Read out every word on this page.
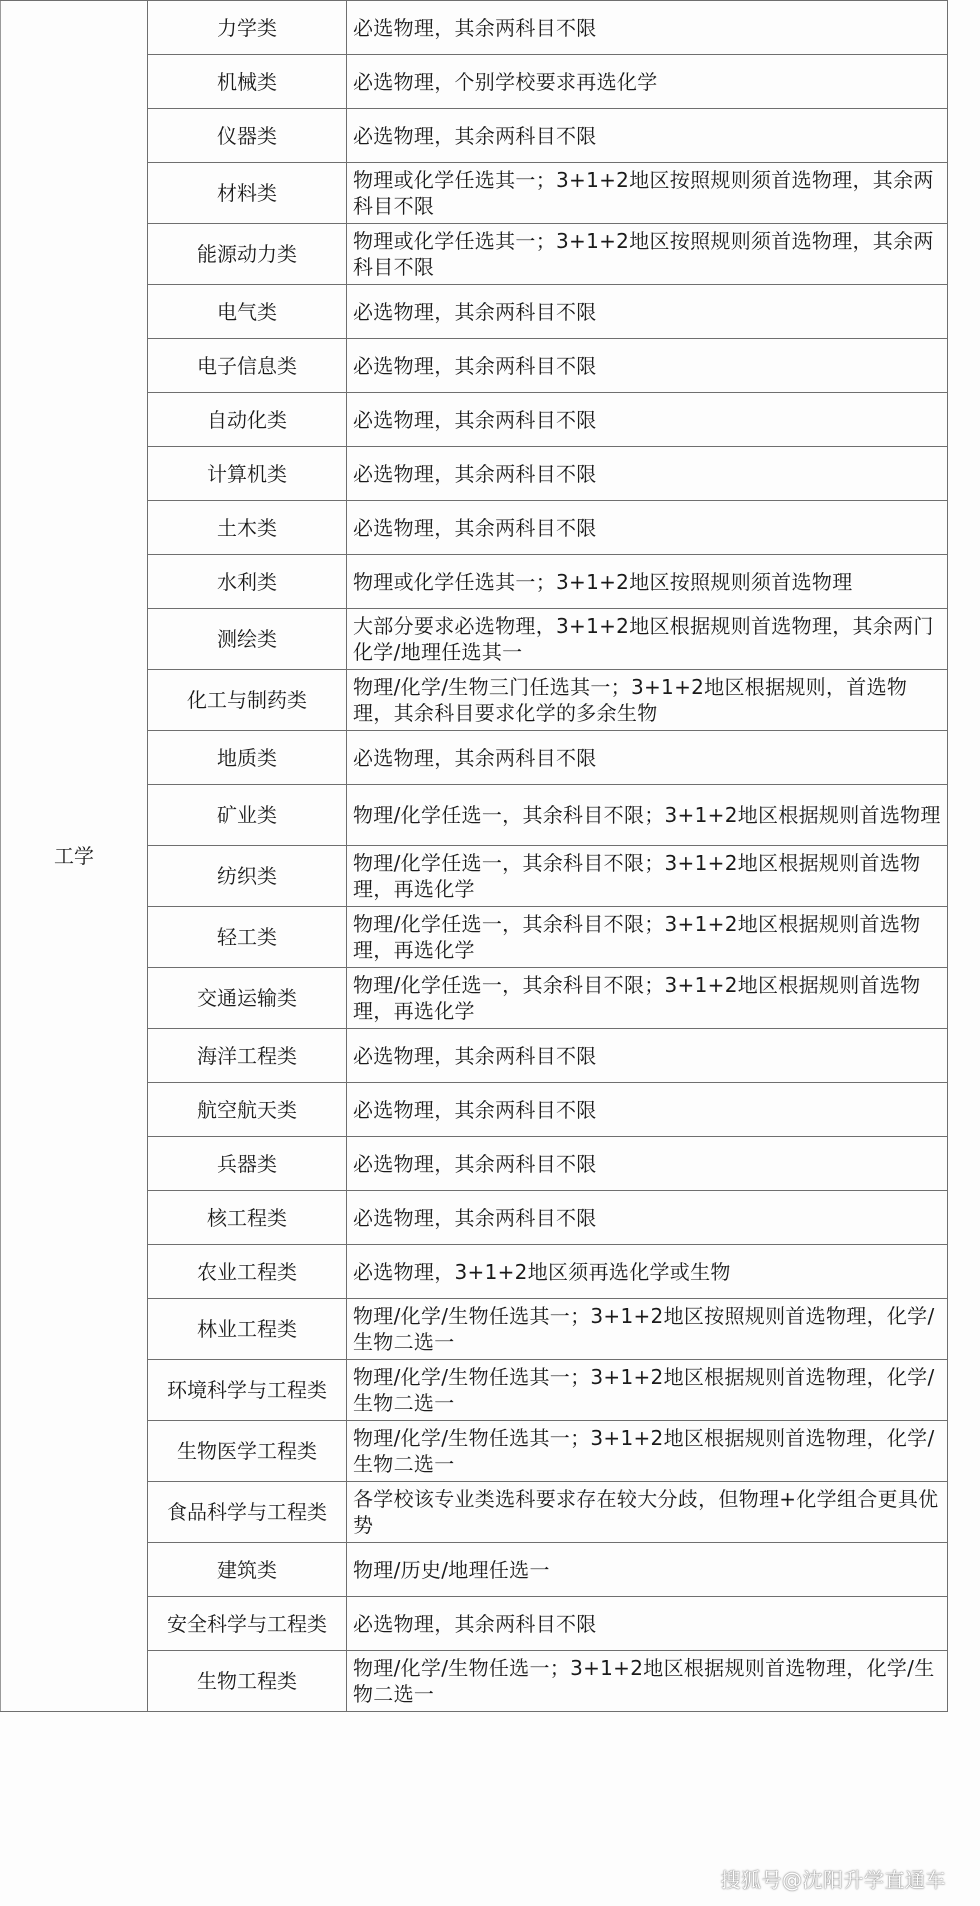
工学	力学类	必选物理，其余两科目不限
	机械类	必选物理，个别学校要求再选化学
	仪器类	必选物理，其余两科目不限
	材料类	物理或化学任选其一；3+1+2地区按照规则须首选物理，其余两科目不限
	能源动力类	物理或化学任选其一；3+1+2地区按照规则须首选物理，其余两科目不限
	电气类	必选物理，其余两科目不限
	电子信息类	必选物理，其余两科目不限
	自动化类	必选物理，其余两科目不限
	计算机类	必选物理，其余两科目不限
	土木类	必选物理，其余两科目不限
	水利类	物理或化学任选其一；3+1+2地区按照规则须首选物理
	测绘类	大部分要求必选物理，3+1+2地区根据规则首选物理，其余两门化学/地理任选其一
	化工与制药类	物理/化学/生物三门任选其一；3+1+2地区根据规则，首选物理，其余科目要求化学的多余生物
	地质类	必选物理，其余两科目不限
	矿业类	物理/化学任选一，其余科目不限；3+1+2地区根据规则首选物理
	纺织类	物理/化学任选一，其余科目不限；3+1+2地区根据规则首选物理，再选化学
	轻工类	物理/化学任选一，其余科目不限；3+1+2地区根据规则首选物理，再选化学
	交通运输类	物理/化学任选一，其余科目不限；3+1+2地区根据规则首选物理，再选化学
	海洋工程类	必选物理，其余两科目不限
	航空航天类	必选物理，其余两科目不限
	兵器类	必选物理，其余两科目不限
	核工程类	必选物理，其余两科目不限
	农业工程类	必选物理，3+1+2地区须再选化学或生物
	林业工程类	物理/化学/生物任选其一；3+1+2地区按照规则首选物理，化学/生物二选一
	环境科学与工程类	物理/化学/生物任选其一；3+1+2地区根据规则首选物理，化学/生物二选一
	生物医学工程类	物理/化学/生物任选其一；3+1+2地区根据规则首选物理，化学/生物二选一
	食品科学与工程类	各学校该专业类选科要求存在较大分歧，但物理+化学组合更具优势
	建筑类	物理/历史/地理任选一
	安全科学与工程类	必选物理，其余两科目不限
	生物工程类	物理/化学/生物任选一；3+1+2地区根据规则首选物理，化学/生物二选一
搜狐号@沈阳升学直通车
